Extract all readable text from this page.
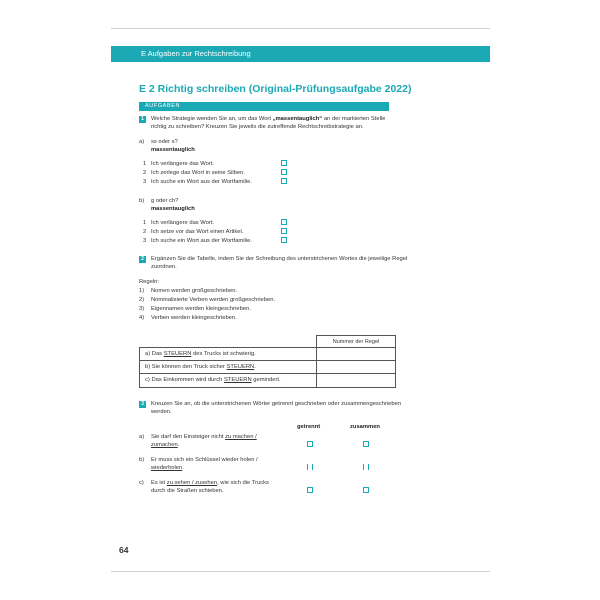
E Aufgaben zur Rechtschreibung
E 2 Richtig schreiben (Original-Prüfungsaufgabe 2022)
AUFGABEN
1	Welche Strategie wenden Sie an, um das Wort „massentauglich“ an der markierten Stelle
richtig zu schreiben? Kreuzen Sie jeweils die zutreffende Rechtschreibstrategie an.
a) ss oder s?
massentauglich
1 Ich verlängere das Wort.
2 Ich zerlege das Wort in seine Silben.
3 Ich suche ein Wort aus der Wortfamilie.
b) g oder ch?
massentauglich
1 Ich verlängere das Wort.
2 Ich setze vor das Wort einen Artikel.
3 Ich suche ein Wort aus der Wortfamilie.
2	Ergänzen Sie die Tabelle, indem Sie der Schreibung des unterstrichenen Wortes die jeweilige Regel
zuordnen.
Regeln:
1) Nomen werden großgeschrieben.
2) Nominalisierte Verben werden großgeschrieben.
3) Eigennamen werden kleingeschrieben.
4) Verben werden kleingeschrieben.
Nummer der Regel
a) Das STEUERN des Trucks ist schwierig.
b) Sie können den Truck sicher STEUERN.
c) Das Einkommen wird durch STEUERN gemindert.
3	Kreuzen Sie an, ob die unterstrichenen Wörter getrennt geschrieben oder zusammengeschrieben
werden.
getrennt	zusammen
a) Sie darf den Einsteiger nicht zu machen /
zumachen.
b) Er muss sich ein Schlüssel wieder holen /
wiederholen.
c) Es ist zu sehen / zusehen, wie sich die Trucks
durch die Straßen schieben.
64
